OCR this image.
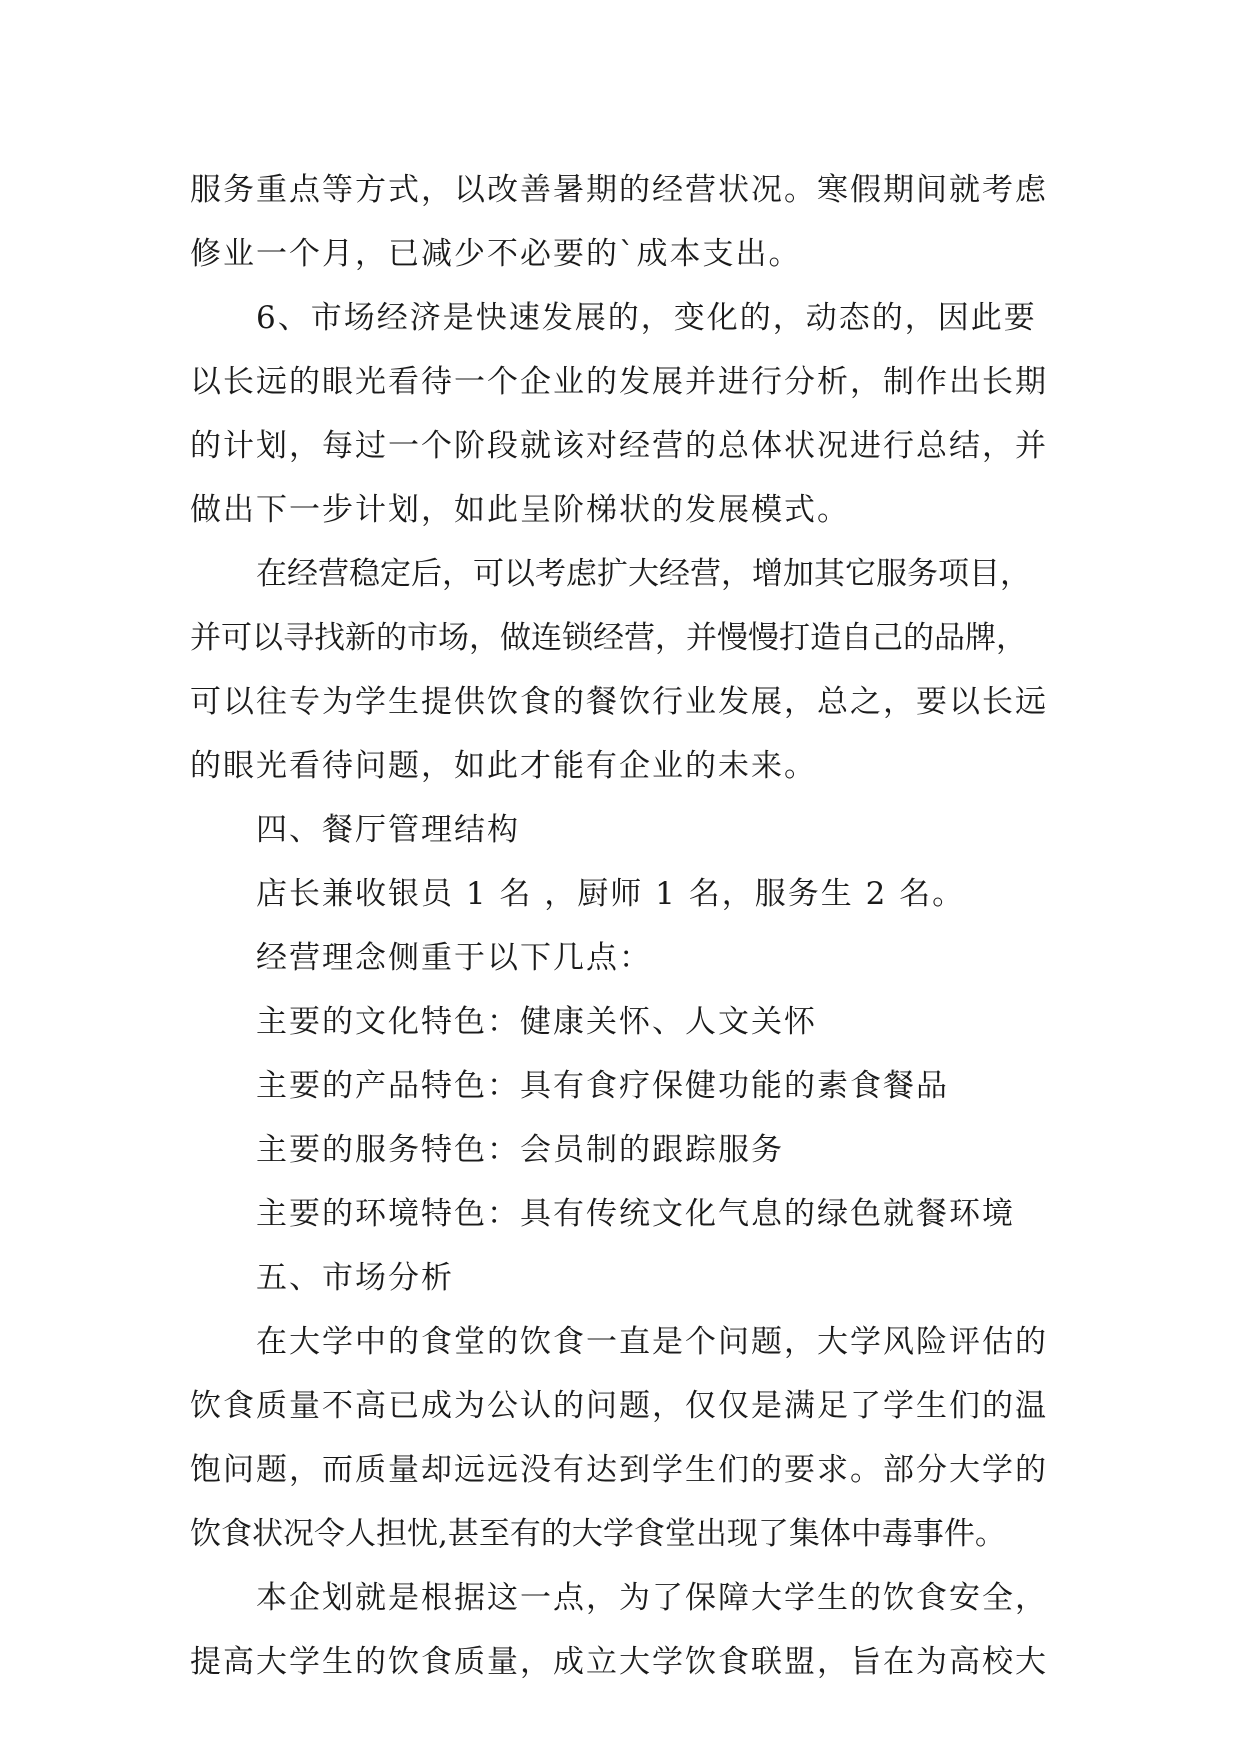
服务重点等方式，以改善暑期的经营状况。寒假期间就考虑
修业一个月，已减少不必要的`成本支出。
6、市场经济是快速发展的，变化的，动态的，因此要
以长远的眼光看待一个企业的发展并进行分析，制作出长期
的计划，每过一个阶段就该对经营的总体状况进行总结，并
做出下一步计划，如此呈阶梯状的发展模式。
在经营稳定后，可以考虑扩大经营，增加其它服务项目，
并可以寻找新的市场，做连锁经营，并慢慢打造自己的品牌，
可以往专为学生提供饮食的餐饮行业发展，总之，要以长远
的眼光看待问题，如此才能有企业的未来。
四、餐厅管理结构
店长兼收银员 1 名 ，厨师 1 名，服务生 2 名。
经营理念侧重于以下几点：
主要的文化特色：健康关怀、人文关怀
主要的产品特色：具有食疗保健功能的素食餐品
主要的服务特色：会员制的跟踪服务
主要的环境特色：具有传统文化气息的绿色就餐环境
五、市场分析
在大学中的食堂的饮食一直是个问题，大学风险评估的
饮食质量不高已成为公认的问题，仅仅是满足了学生们的温
饱问题，而质量却远远没有达到学生们的要求。部分大学的
饮食状况令人担忧,甚至有的大学食堂出现了集体中毒事件。
本企划就是根据这一点，为了保障大学生的饮食安全，
提高大学生的饮食质量，成立大学饮食联盟，旨在为高校大
